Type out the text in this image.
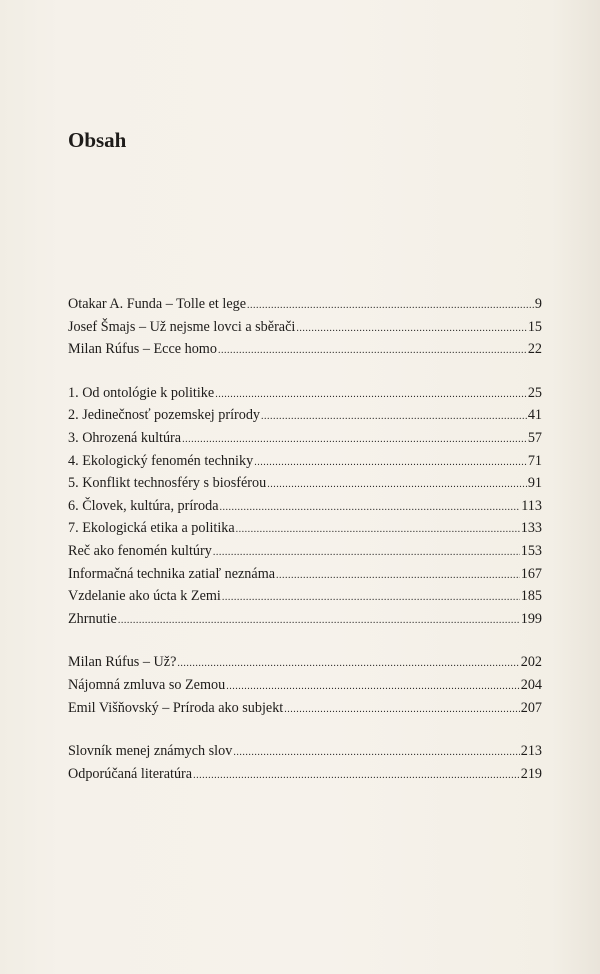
Obsah
Otakar A. Funda – Tolle et lege .....	9
Josef Šmajs – Už nejsme lovci a sběrači .....	15
Milan Rúfus – Ecce homo .....	22
1. Od ontológie k politike .....	25
2. Jedinečnosť pozemskej prírody .....	41
3. Ohrozená kultúra .....	57
4. Ekologický fenomén techniky .....	71
5. Konflikt technosféry s biosférou .....	91
6. Človek, kultúra, príroda .....	113
7. Ekologická etika a politika .....	133
Reč ako fenomén kultúry .....	153
Informačná technika zatiaľ neznáma .....	167
Vzdelanie ako úcta k Zemi .....	185
Zhrnutie .....	199
Milan Rúfus – Už? .....	202
Nájomná zmluva so Zemou .....	204
Emil Višňovský – Príroda ako subjekt .....	207
Slovník menej známych slov .....	213
Odporúčaná literatúra .....	219
